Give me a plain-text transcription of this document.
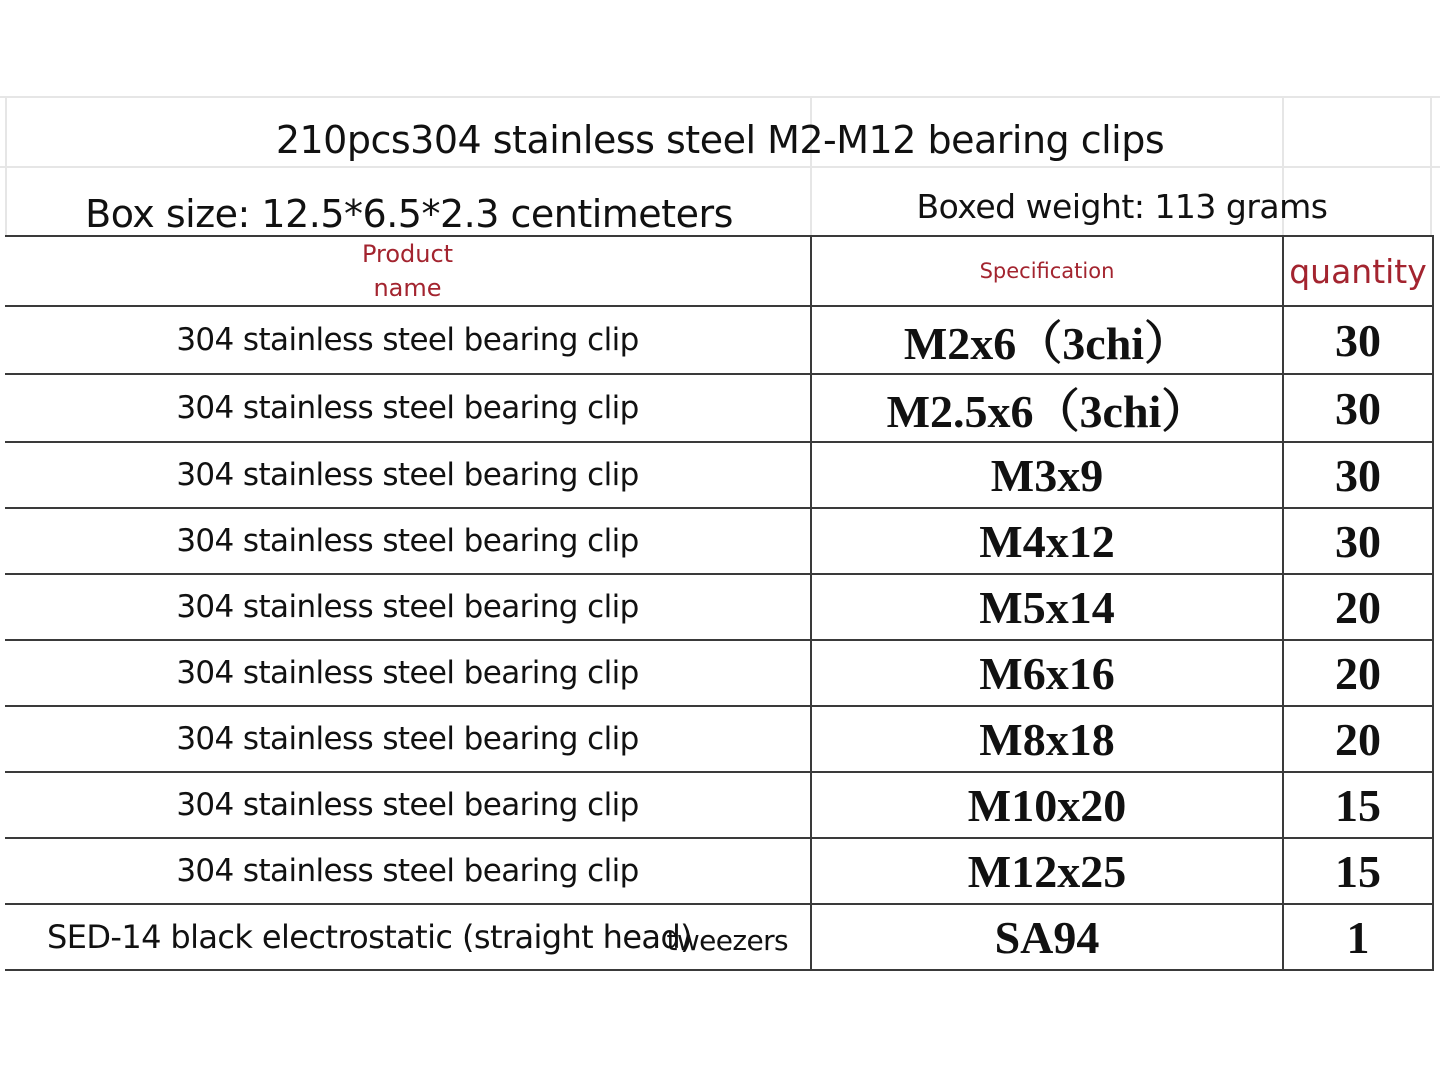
210pcs304 stainless steel M2-M12 bearing clips
Box size: 12.5*6.5*2.3 centimeters	Boxed weight: 113 grams
Product
name	Specification	quantity
304 stainless steel bearing clip	M2x6（3chi）	30
304 stainless steel bearing clip	M2.5x6（3chi）	30
304 stainless steel bearing clip	M3x9	30
304 stainless steel bearing clip	M4x12	30
304 stainless steel bearing clip	M5x14	20
304 stainless steel bearing clip	M6x16	20
304 stainless steel bearing clip	M8x18	20
304 stainless steel bearing clip	M10x20	15
304 stainless steel bearing clip	M12x25	15

SED-14 black electrostatic (straight head)
tweezers	SA94	1
